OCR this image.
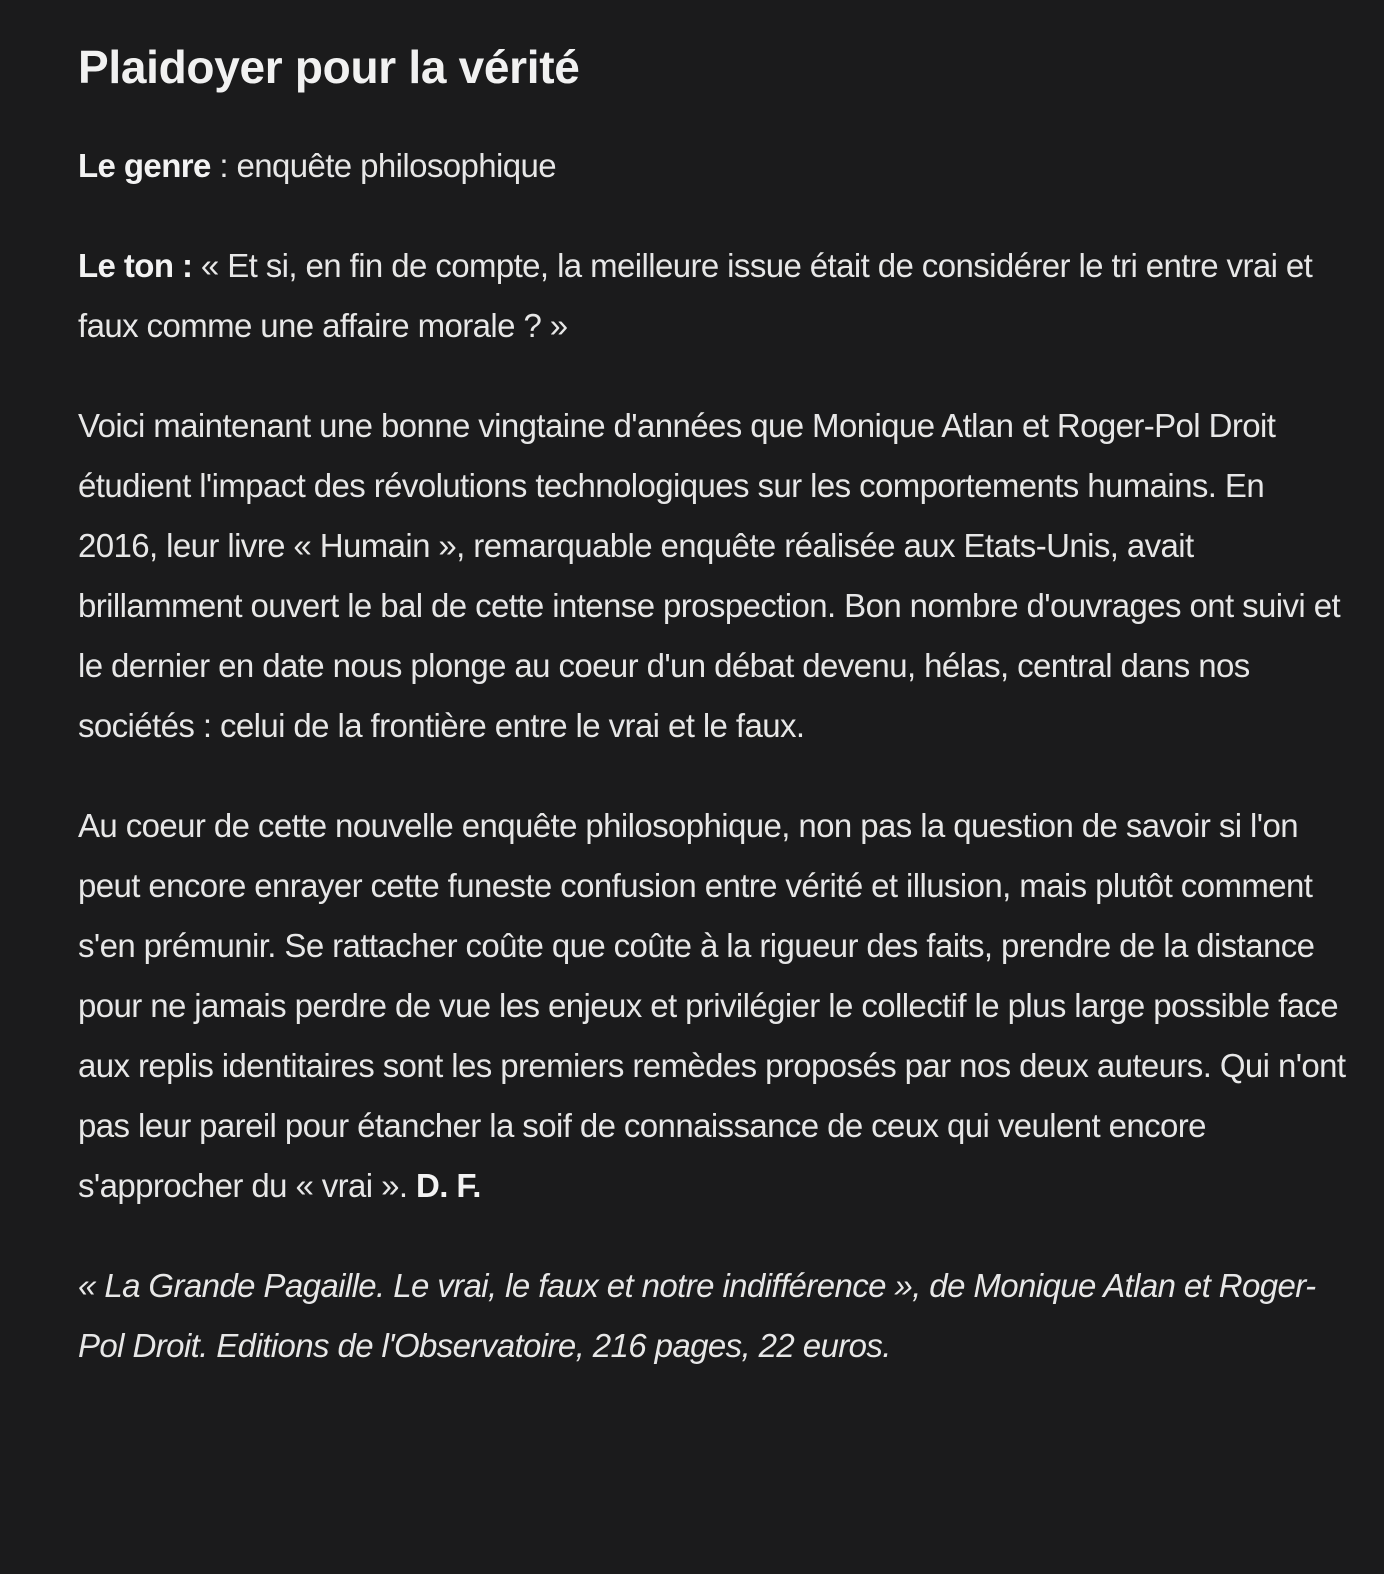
Plaidoyer pour la vérité

Le genre : enquête philosophique

Le ton : « Et si, en fin de compte, la meilleure issue était de considérer le tri entre vrai et faux comme une affaire morale ? »

Voici maintenant une bonne vingtaine d'années que Monique Atlan et Roger-Pol Droit étudient l'impact des révolutions technologiques sur les comportements humains. En 2016, leur livre « Humain », remarquable enquête réalisée aux Etats-Unis, avait brillamment ouvert le bal de cette intense prospection. Bon nombre d'ouvrages ont suivi et le dernier en date nous plonge au coeur d'un débat devenu, hélas, central dans nos sociétés : celui de la frontière entre le vrai et le faux.

Au coeur de cette nouvelle enquête philosophique, non pas la question de savoir si l'on peut encore enrayer cette funeste confusion entre vérité et illusion, mais plutôt comment s'en prémunir. Se rattacher coûte que coûte à la rigueur des faits, prendre de la distance pour ne jamais perdre de vue les enjeux et privilégier le collectif le plus large possible face aux replis identitaires sont les premiers remèdes proposés par nos deux auteurs. Qui n'ont pas leur pareil pour étancher la soif de connaissance de ceux qui veulent encore s'approcher du « vrai ». D. F.

« La Grande Pagaille. Le vrai, le faux et notre indifférence », de Monique Atlan et Roger-Pol Droit. Editions de l'Observatoire, 216 pages, 22 euros.
